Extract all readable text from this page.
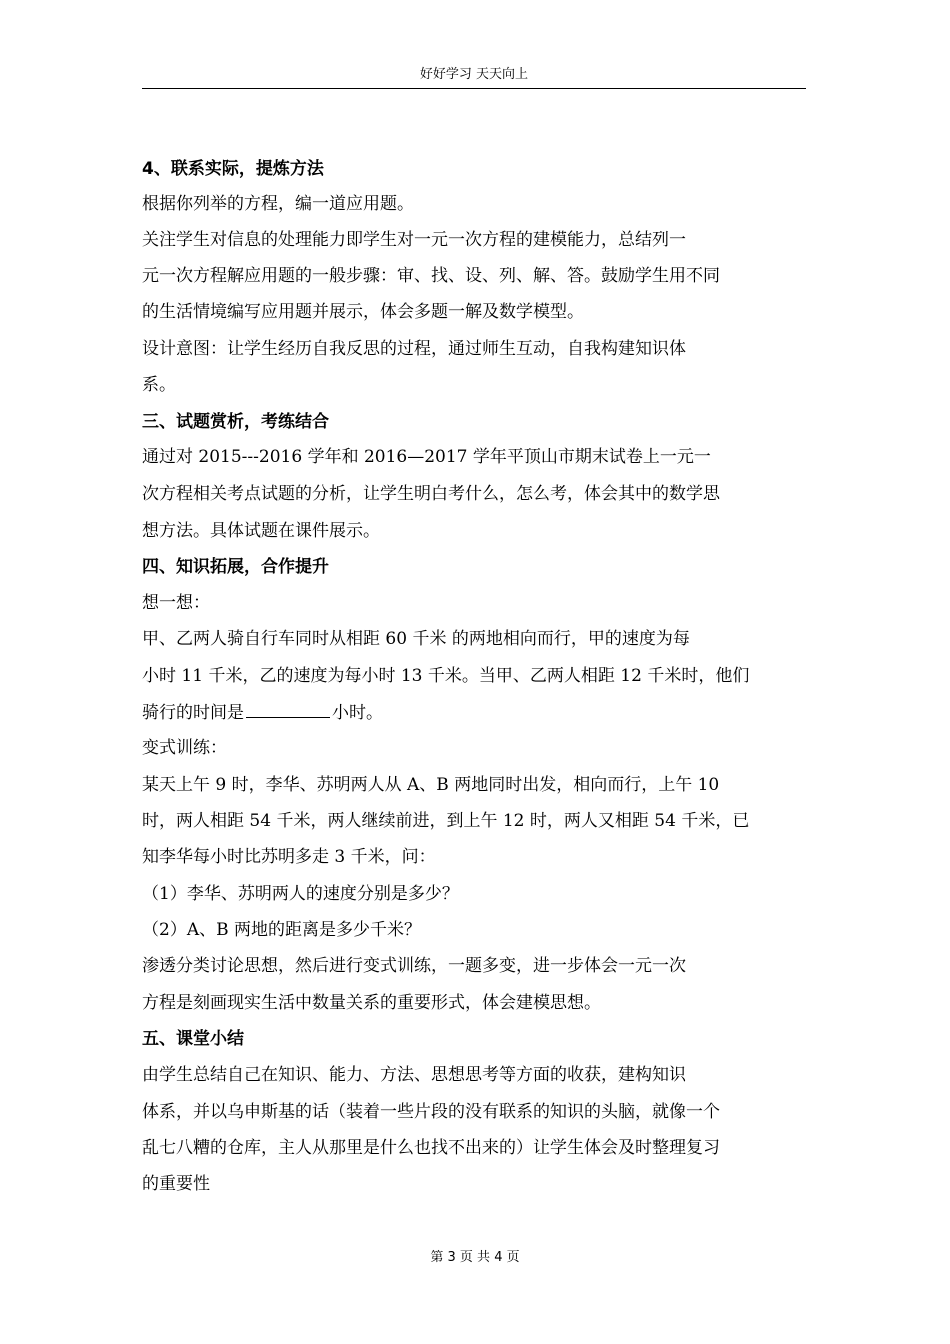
好好学习 天天向上
4、联系实际，提炼方法
根据你列举的方程，编一道应用题。
关注学生对信息的处理能力即学生对一元一次方程的建模能力，总结列一
元一次方程解应用题的一般步骤：审、找、设、列、解、答。鼓励学生用不同
的生活情境编写应用题并展示，体会多题一解及数学模型。
设计意图：让学生经历自我反思的过程，通过师生互动，自我构建知识体
系。
三、试题赏析，考练结合
通过对 2015---2016 学年和 2016—2017 学年平顶山市期末试卷上一元一
次方程相关考点试题的分析，让学生明白考什么，怎么考，体会其中的数学思
想方法。具体试题在课件展示。
四、知识拓展，合作提升
想一想：
甲、乙两人骑自行车同时从相距 60 千米 的两地相向而行，甲的速度为每
小时 11 千米，乙的速度为每小时 13 千米。当甲、乙两人相距 12 千米时，他们
骑行的时间是	小时。
变式训练：
某天上午 9 时，李华、苏明两人从 A、B 两地同时出发，相向而行，上午 10
时，两人相距 54 千米，两人继续前进，到上午 12 时，两人又相距 54 千米，已
知李华每小时比苏明多走 3 千米，问：
（1）李华、苏明两人的速度分别是多少？
（2）A、B 两地的距离是多少千米？
渗透分类讨论思想，然后进行变式训练，一题多变，进一步体会一元一次
方程是刻画现实生活中数量关系的重要形式，体会建模思想。
五、课堂小结
由学生总结自己在知识、能力、方法、思想思考等方面的收获，建构知识
体系，并以乌申斯基的话（装着一些片段的没有联系的知识的头脑，就像一个
乱七八糟的仓库，主人从那里是什么也找不出来的）让学生体会及时整理复习
的重要性
第 3 页 共 4 页
